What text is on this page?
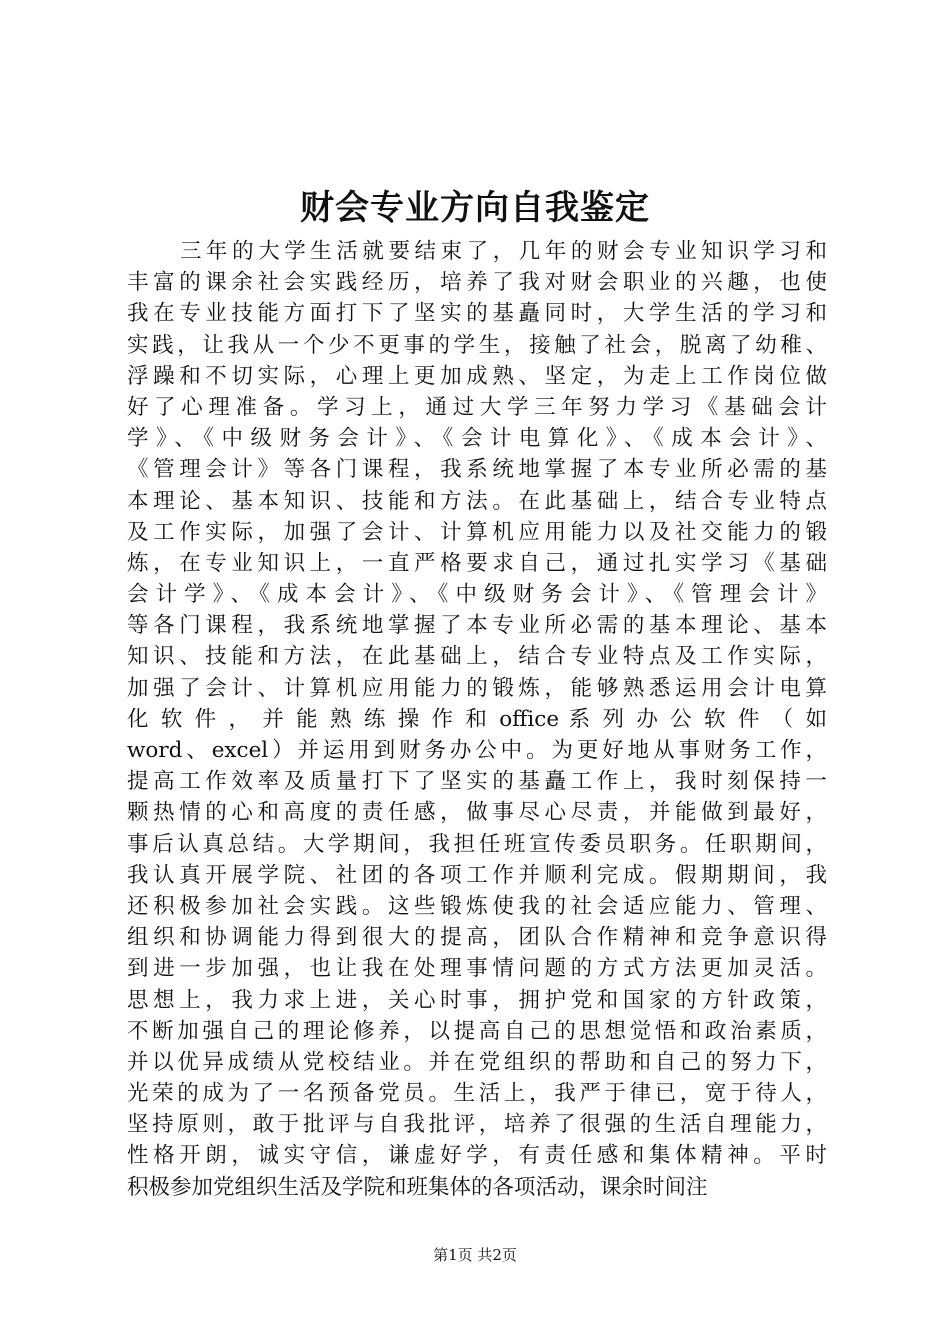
财会专业方向自我鉴定
三年的大学生活就要结束了，几年的财会专业知识学习和
丰富的课余社会实践经历，培养了我对财会职业的兴趣，也使
我在专业技能方面打下了坚实的基矗同时，大学生活的学习和
实践，让我从一个少不更事的学生，接触了社会，脱离了幼稚、
浮躁和不切实际，心理上更加成熟、坚定，为走上工作岗位做
好了心理准备。学习上，通过大学三年努力学习《基础会计
学》、《中级财务会计》、《会计电算化》、《成本会计》、
《管理会计》等各门课程，我系统地掌握了本专业所必需的基
本理论、基本知识、技能和方法。在此基础上，结合专业特点
及工作实际，加强了会计、计算机应用能力以及社交能力的锻
炼，在专业知识上，一直严格要求自己，通过扎实学习《基础
会计学》、《成本会计》、《中级财务会计》、《管理会计》
等各门课程，我系统地掌握了本专业所必需的基本理论、基本
知识、技能和方法，在此基础上，结合专业特点及工作实际，
加强了会计、计算机应用能力的锻炼，能够熟悉运用会计电算
化 软 件 ， 并 能 熟 练 操 作 和 office 系 列 办 公 软 件 （ 如
word、excel）并运用到财务办公中。为更好地从事财务工作，
提高工作效率及质量打下了坚实的基矗工作上，我时刻保持一
颗热情的心和高度的责任感，做事尽心尽责，并能做到最好，
事后认真总结。大学期间，我担任班宣传委员职务。任职期间，
我认真开展学院、社团的各项工作并顺利完成。假期期间，我
还积极参加社会实践。这些锻炼使我的社会适应能力、管理、
组织和协调能力得到很大的提高，团队合作精神和竞争意识得
到进一步加强，也让我在处理事情问题的方式方法更加灵活。
思想上，我力求上进，关心时事，拥护党和国家的方针政策，
不断加强自己的理论修养，以提高自己的思想觉悟和政治素质，
并以优异成绩从党校结业。并在党组织的帮助和自己的努力下，
光荣的成为了一名预备党员。生活上，我严于律已，宽于待人，
坚持原则，敢于批评与自我批评，培养了很强的生活自理能力，
性格开朗，诚实守信，谦虚好学，有责任感和集体精神。平时
积极参加党组织生活及学院和班集体的各项活动，课余时间注
第1页 共2页
